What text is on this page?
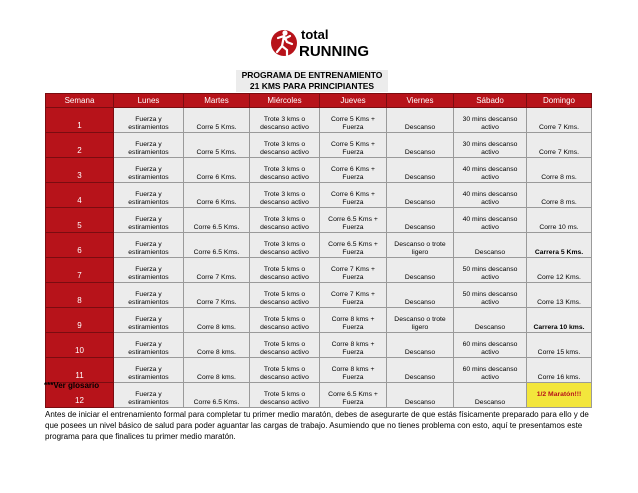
total
RUNNING
PROGRAMA DE ENTRENAMIENTO
21 KMS PARA PRINCIPIANTES
Semana	Lunes	Martes	Miércoles	Jueves	Viernes	Sábado	Domingo
1	Fuerza y estiramientos	Corre 5 Kms.	Trote 3 kms o descanso activo	Corre 5 Kms + Fuerza	Descanso	30 mins descanso activo	Corre 7 Kms.
2	Fuerza y estiramientos	Corre 5 Kms.	Trote 3 kms o descanso activo	Corre 5 Kms + Fuerza	Descanso	30 mins descanso activo	Corre 7 Kms.
3	Fuerza y estiramientos	Corre 6 Kms.	Trote 3 kms o descanso activo	Corre 6 Kms + Fuerza	Descanso	40 mins descanso activo	Corre 8 ms.
4	Fuerza y estiramientos	Corre 6 Kms.	Trote 3 kms o descanso activo	Corre 6 Kms + Fuerza	Descanso	40 mins descanso activo	Corre 8 ms.
5	Fuerza y estiramientos	Corre 6.5 Kms.	Trote 3 kms o descanso activo	Corre 6.5 Kms + Fuerza	Descanso	40 mins descanso activo	Corre 10 ms.
6	Fuerza y estiramientos	Corre 6.5 Kms.	Trote 3 kms o descanso activo	Corre 6.5 Kms + Fuerza	Descanso o trote ligero	Descanso	Carrera 5 Kms.
7	Fuerza y estiramientos	Corre 7 Kms.	Trote 5 kms o descanso activo	Corre 7 Kms + Fuerza	Descanso	50 mins descanso activo	Corre 12 Kms.
8	Fuerza y estiramientos	Corre 7 Kms.	Trote 5 kms o descanso activo	Corre 7 Kms + Fuerza	Descanso	50 mins descanso activo	Corre 13 Kms.
9	Fuerza y estiramientos	Corre 8 kms.	Trote 5 kms o descanso activo	Corre 8 kms + Fuerza	Descanso o trote ligero	Descanso	Carrera 10 kms.
10	Fuerza y estiramientos	Corre 8 kms.	Trote 5 kms o descanso activo	Corre 8 kms + Fuerza	Descanso	60 mins descanso activo	Corre 15 kms.
11	Fuerza y estiramientos	Corre 8 kms.	Trote 5 kms o descanso activo	Corre 8 kms + Fuerza	Descanso	60 mins descanso activo	Corre 16 kms.
12	Fuerza y estiramientos	Corre 6.5 Kms.	Trote 5 kms o descanso activo	Corre 6.5 Kms + Fuerza	Descanso	Descanso	1/2 Maratón!!!
***Ver glosario
Antes de iniciar el entrenamiento formal para completar tu primer medio maratón, debes de asegurarte de que estás físicamente preparado para ello y de que posees un nivel básico de salud para poder aguantar las cargas de trabajo. Asumiendo que no tienes problema con esto, aquí te presentamos este programa para que finalices tu primer medio maratón.
